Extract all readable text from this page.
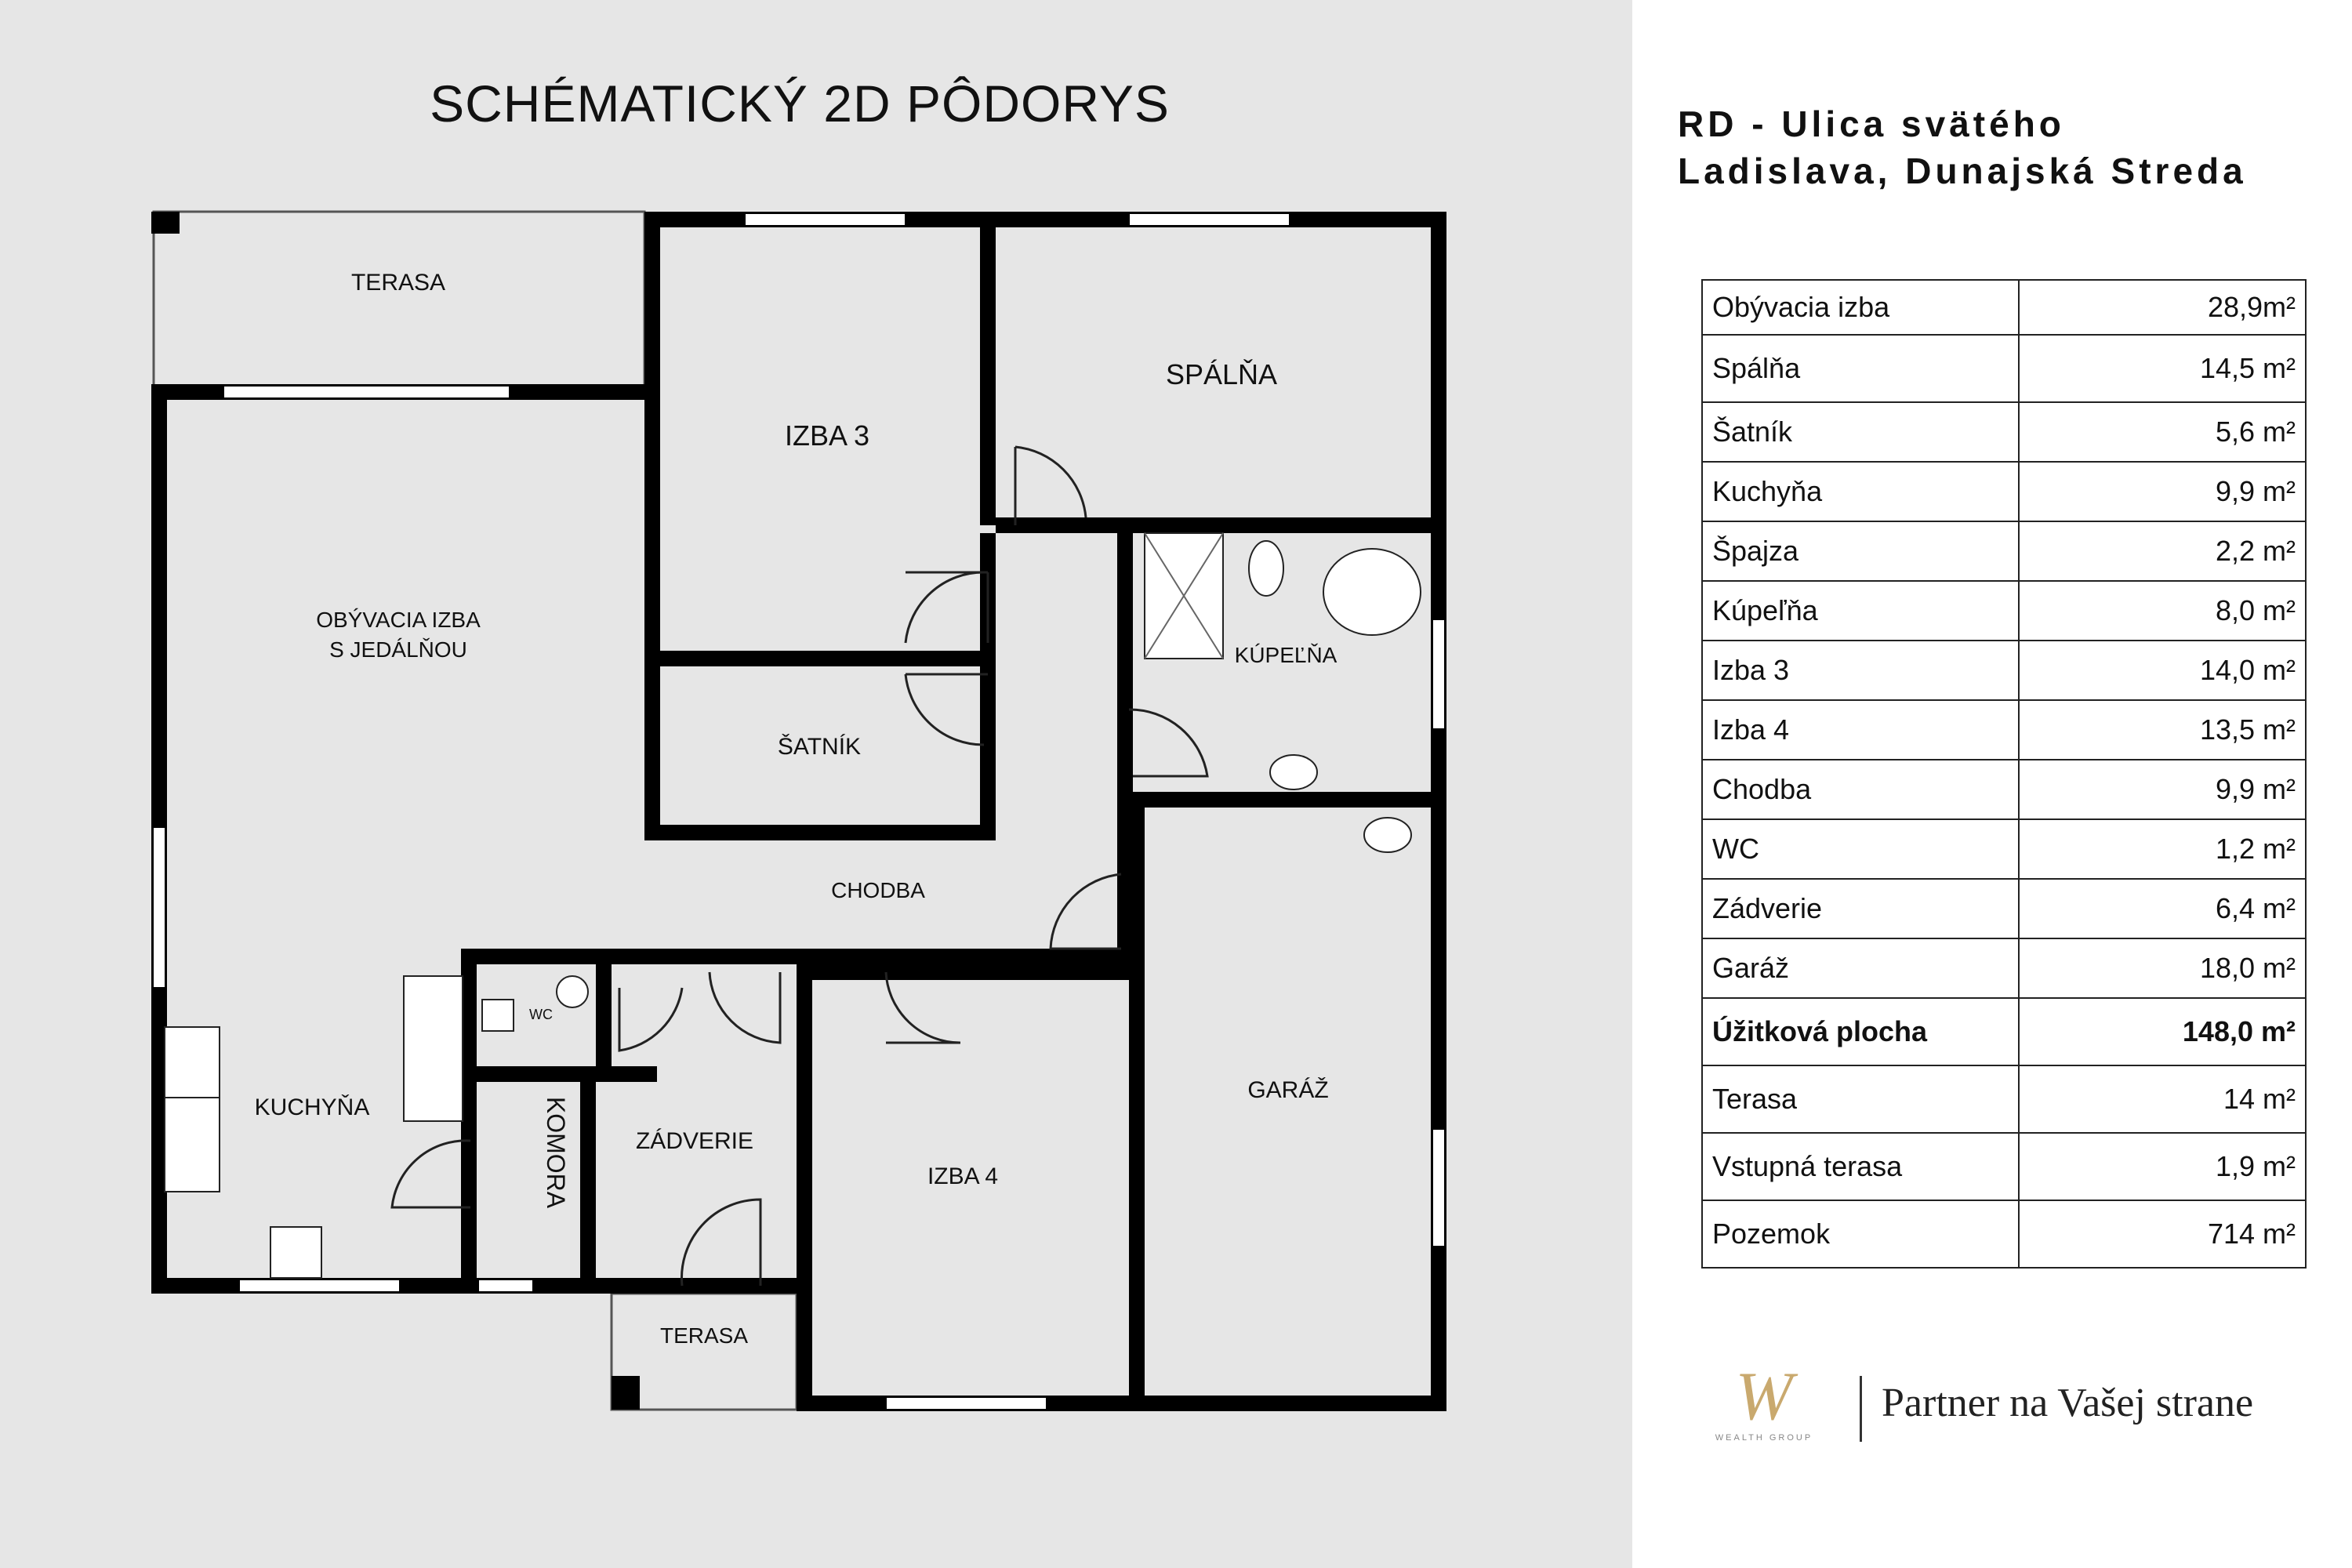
SCHÉMATICKÝ 2D PÔDORYS
TERASA
IZBA 3
SPÁLŇA
OBÝVACIA IZBA
S JEDÁLŇOU
ŠATNÍK
KÚPEĽŇA
CHODBA
WC
KUCHYŇA	KOMORA	ZÁDVERIE
IZBA 4
GARÁŽ
TERASA
RD - Ulica svätého
Ladislava, Dunajská Streda
Obývacia izba	28,9m²
Spálňa	14,5 m²
Šatník	5,6 m²
Kuchyňa	9,9 m²
Špajza	2,2 m²
Kúpeľňa	8,0 m²
Izba 3	14,0 m²
Izba 4	13,5 m²
Chodba	9,9 m²
WC	1,2 m²
Zádverie	6,4 m²
Garáž	18,0 m²
Úžitková plocha	148,0 m²
Terasa	14 m²
Vstupná terasa	1,9 m²
Pozemok	714 m²
W
WEALTH GROUP
Partner na Vašej strane
